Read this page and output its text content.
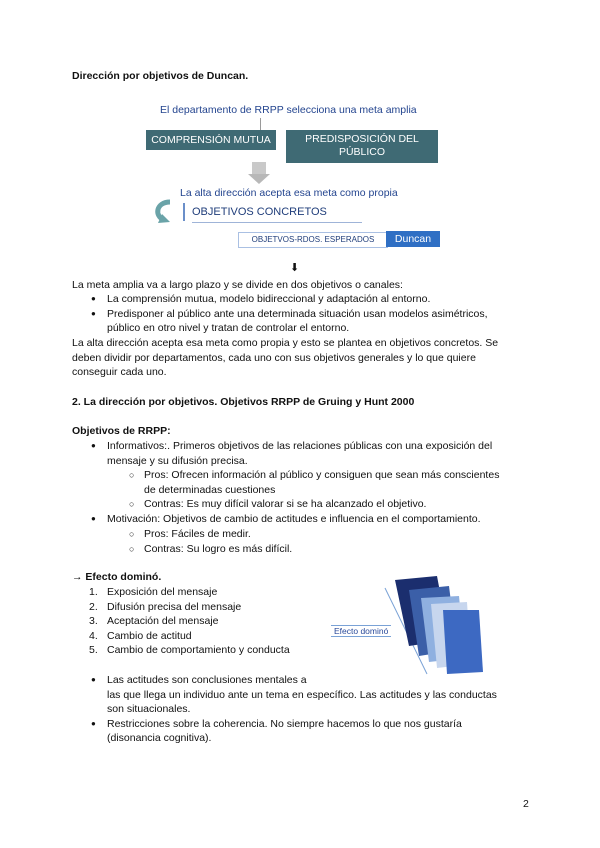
Dirección por objetivos de Duncan.
El departamento de RRPP selecciona una meta amplia
COMPRENSIÓN MUTUA	PREDISPOSICIÓN DEL
PÚBLICO
La alta dirección acepta esa meta como propia
OBJETIVOS CONCRETOS
OBJETVOS-RDOS. ESPERADOS	Duncan
⬇
La meta amplia va a largo plazo y se divide en dos objetivos o canales:
● La comprensión mutua, modelo bidireccional y adaptación al entorno.
● Predisponer al público ante una determinada situación usan modelos asimétricos,
público en otro nivel y tratan de controlar el entorno.
La alta dirección acepta esa meta como propia y esto se plantea en objetivos concretos. Se
deben dividir por departamentos, cada uno con sus objetivos generales y lo que quiere
conseguir cada uno.
2. La dirección por objetivos. Objetivos RRPP de Gruing y Hunt 2000
Objetivos de RRPP:
● Informativos:. Primeros objetivos de las relaciones públicas con una exposición del
mensaje y su difusión precisa.
○ Pros: Ofrecen información al público y consiguen que sean más conscientes
de determinadas cuestiones
○ Contras: Es muy difícil valorar si se ha alcanzado el objetivo.
● Motivación: Objetivos de cambio de actitudes e influencia en el comportamiento.
○ Pros: Fáciles de medir.
○ Contras: Su logro es más difícil.
→ Efecto dominó.
1. Exposición del mensaje
2. Difusión precisa del mensaje
3. Aceptación del mensaje
4. Cambio de actitud
5. Cambio de comportamiento y conducta
Efecto dominó
● Las actitudes son conclusiones mentales a
las que llega un individuo ante un tema en específico. Las actitudes y las conductas
son situacionales.
● Restricciones sobre la coherencia. No siempre hacemos lo que nos gustaría
(disonancia cognitiva).
2
